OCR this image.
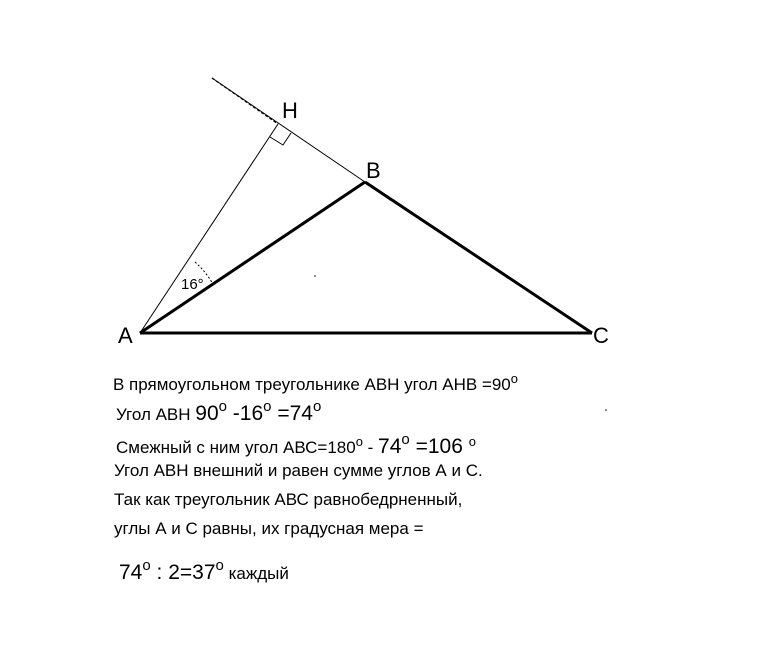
A
B
C
H
16°
В прямоугольном треугольнике АВН угол АНВ $=90^о$
Угол АВН 90о -16о =74о
Смежный с ним угол $АВС=180^о - 74о =106$ $^о$
Угол АВН внешний и равен сумме углов А и С.
Так как треугольник АВС равнобедрненный,
углы А и С равны, их градусная мера =
74о : 2=37о каждый
